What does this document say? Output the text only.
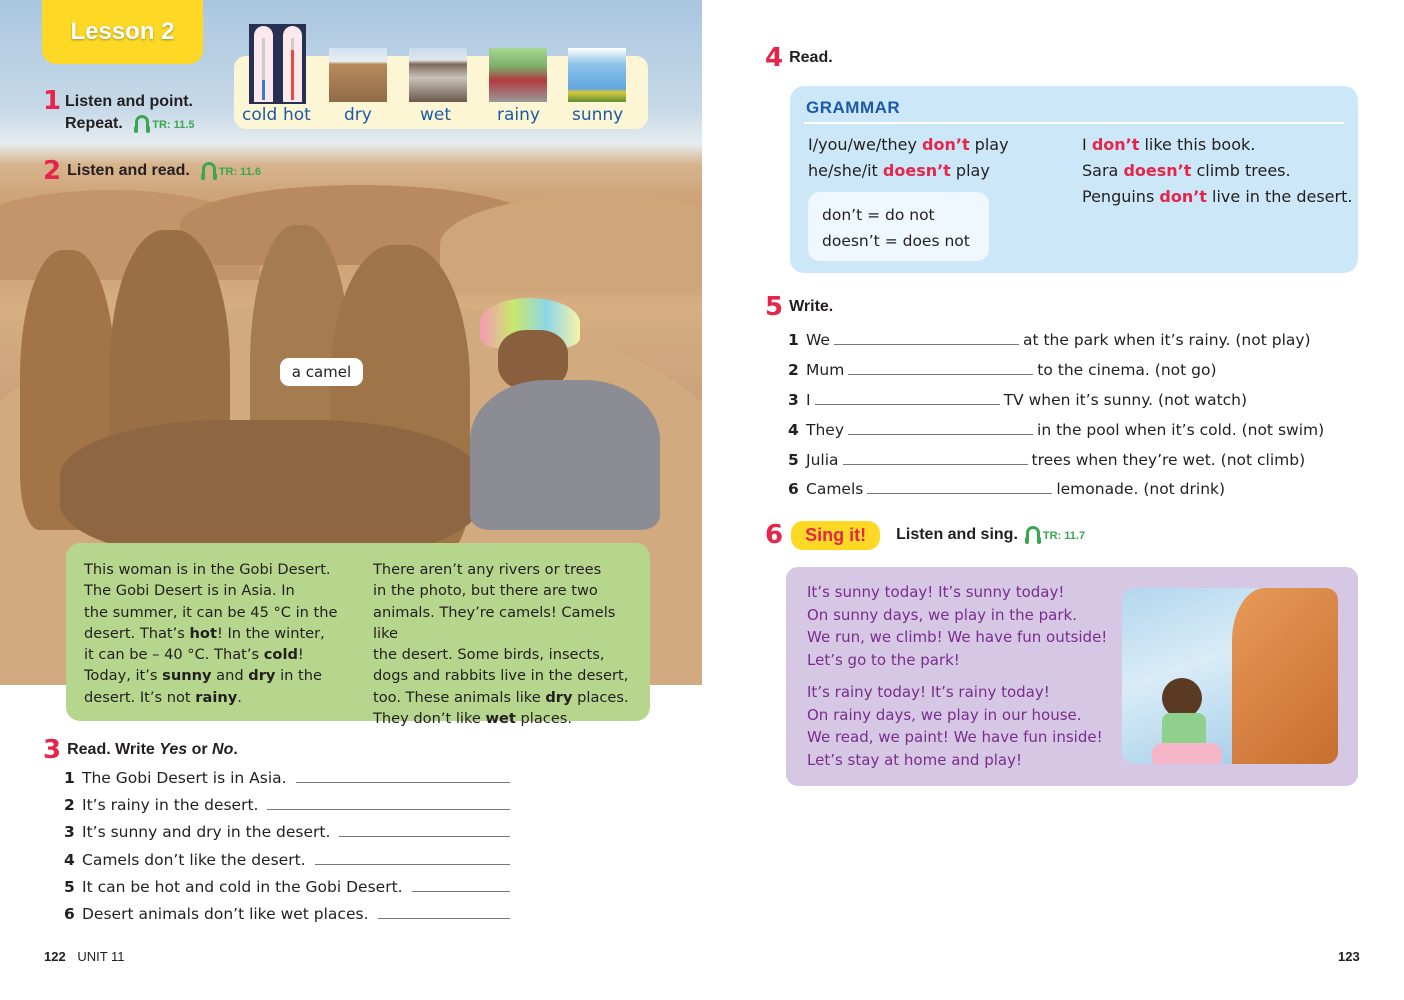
a camel
Lesson 2
1 Listen and point.
Repeat.	TR: 11.5
2 Listen and read.	TR: 11.6
cold hot dry	wet	rainy sunny
This woman is in the Gobi Desert.
The Gobi Desert is in Asia. In
the summer, it can be 45 °C in the
desert. That’s hot! In the winter,
it can be – 40 °C. That’s cold!
Today, it’s sunny and dry in the
desert. It’s not rainy.
There aren’t any rivers or trees
in the photo, but there are two
animals. They’re camels! Camels like
the desert. Some birds, insects,
dogs and rabbits live in the desert,
too. These animals like dry places.
They don’t like wet places.
3 Read. Write Yes or No.
1 The Gobi Desert is in Asia.
2 It’s rainy in the desert.
3 It’s sunny and dry in the desert.
4 Camels don’t like the desert.
5 It can be hot and cold in the Gobi Desert.
6 Desert animals don’t like wet places.
122 UNIT 11
4 Read.
GRAMMAR
I/you/we/they don’t play
he/she/it doesn’t play
don’t = do not
doesn’t = does not
I don’t like this book.
Sara doesn’t climb trees.
Penguins don’t live in the desert.
5 Write.
1 We	at the park when it’s rainy. (not play)
2 Mum	to the cinema. (not go)
3 I	TV when it’s sunny. (not watch)
4 They	in the pool when it’s cold. (not swim)
5 Julia	trees when they’re wet. (not climb)
6 Camels	lemonade. (not drink)
6	Sing it!	Listen and sing.	TR: 11.7
It’s sunny today! It’s sunny today!
On sunny days, we play in the park.
We run, we climb! We have fun outside!
Let’s go to the park!
It’s rainy today! It’s rainy today!
On rainy days, we play in our house.
We read, we paint! We have fun inside!
Let’s stay at home and play!
123
